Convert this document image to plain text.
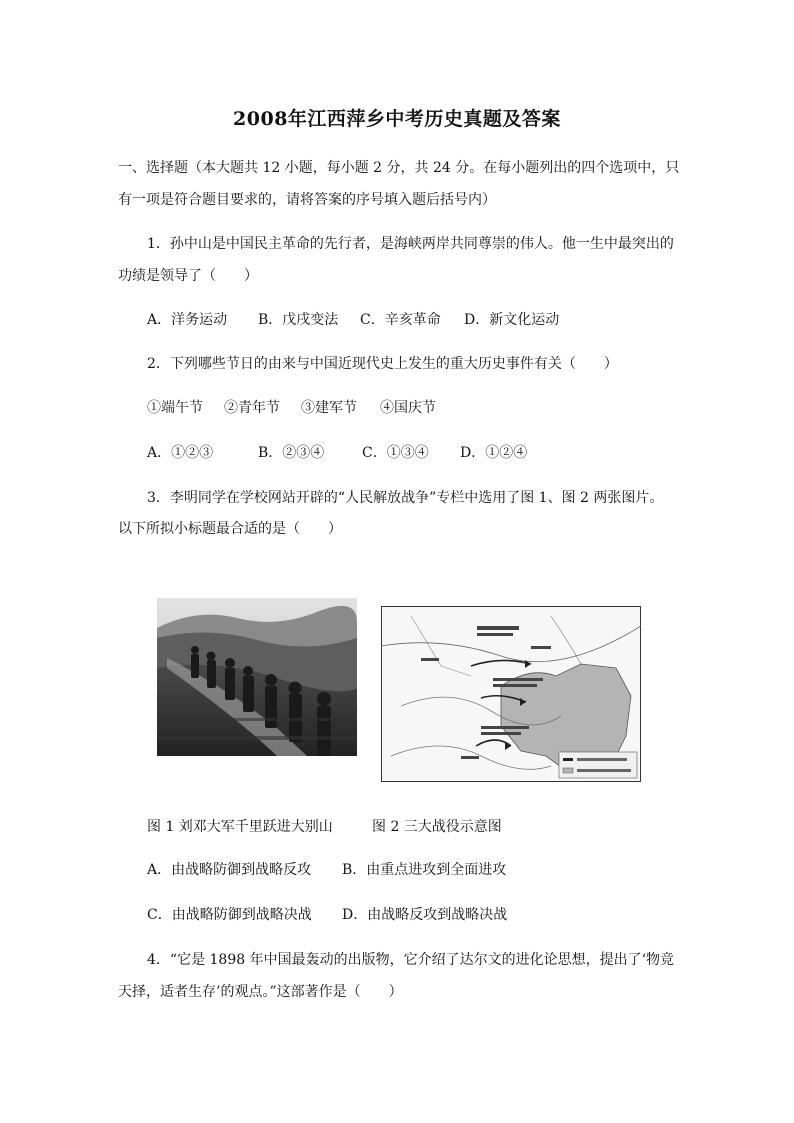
2008年江西萍乡中考历史真题及答案
一、选择题（本大题共 12 小题，每小题 2 分，共 24 分。在每小题列出的四个选项中，只
有一项是符合题目要求的，请将答案的序号填入题后括号内）
1．孙中山是中国民主革命的先行者，是海峡两岸共同尊崇的伟人。他一生中最突出的
功绩是领导了（　　）
A．洋务运动 B．戊戌变法 C．辛亥革命 D．新文化运动
2．下列哪些节日的由来与中国近现代史上发生的重大历史事件有关（　　）
①端午节 ②青年节 ③建军节 ④国庆节
A．①②③	B．②③④	C．①③④ D．①②④
3．李明同学在学校网站开辟的“人民解放战争”专栏中选用了图 1、图 2 两张图片。
以下所拟小标题最合适的是（　　）
图 1 刘邓大军千里跃进大别山	图 2 三大战役示意图
A．由战略防御到战略反攻 B．由重点进攻到全面进攻
C．由战略防御到战略决战 D．由战略反攻到战略决战
4．“它是 1898 年中国最轰动的出版物，它介绍了达尔文的进化论思想，提出了‘物竞
天择，适者生存’的观点。”这部著作是（　　）
